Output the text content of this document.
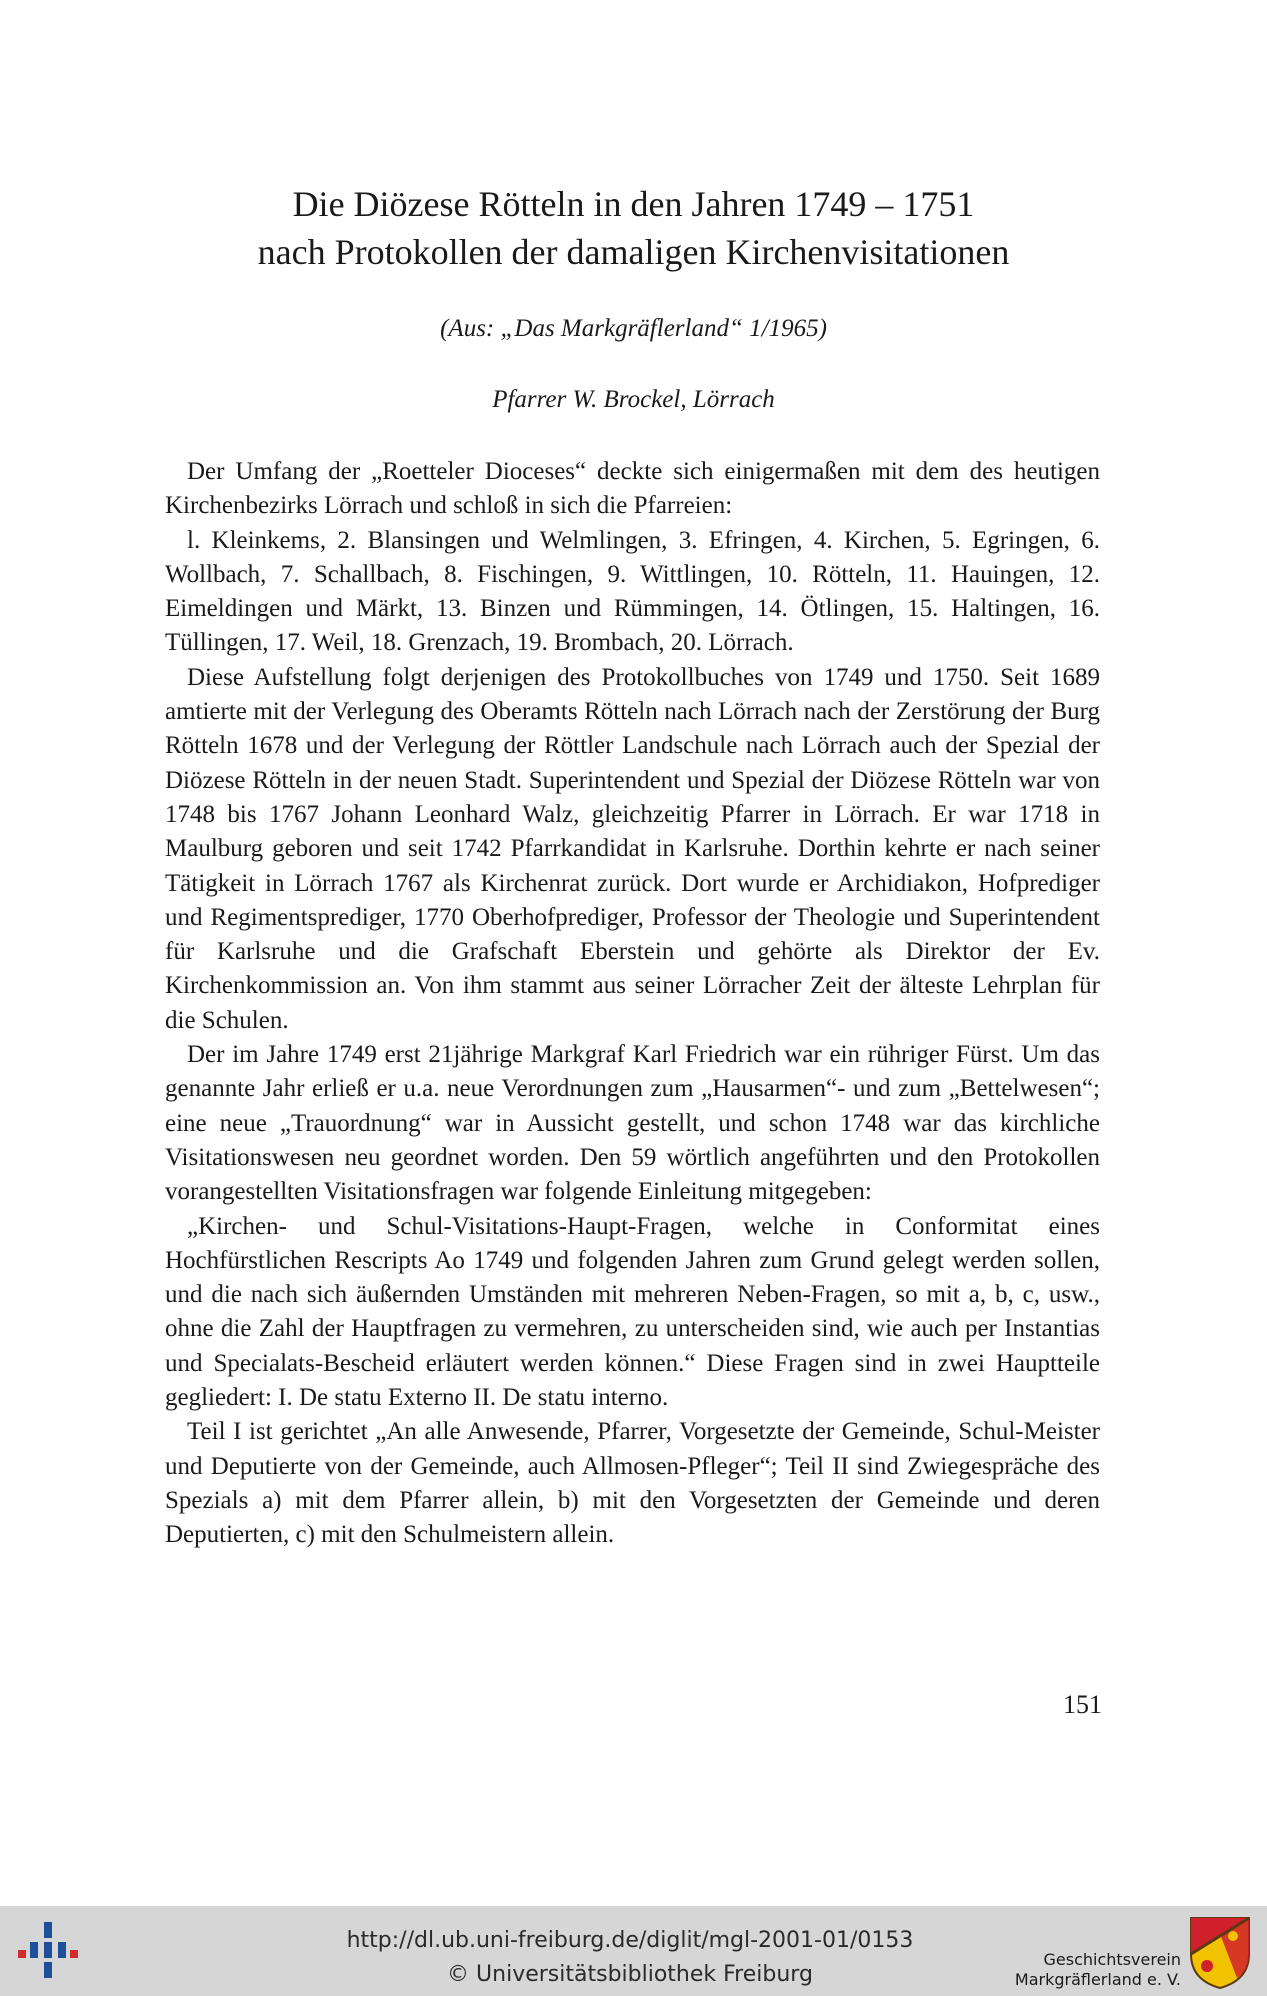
Die Diözese Rötteln in den Jahren 1749 – 1751
nach Protokollen der damaligen Kirchenvisitationen
(Aus: „Das Markgräflerland“ 1/1965)
Pfarrer W. Brockel, Lörrach

Der Umfang der „Roetteler Dioceses“ deckte sich einigermaßen mit dem des heutigen Kirchenbezirks Lörrach und schloß in sich die Pfarreien:

l. Kleinkems, 2. Blansingen und Welmlingen, 3. Efringen, 4. Kirchen, 5. Egringen, 6. Wollbach, 7. Schallbach, 8. Fischingen, 9. Wittlingen, 10. Rötteln, 11. Hauingen, 12. Eimeldingen und Märkt, 13. Binzen und Rümmingen, 14. Ötlingen, 15. Haltingen, 16. Tüllingen, 17. Weil, 18. Grenzach, 19. Brombach, 20. Lörrach.

Diese Aufstellung folgt derjenigen des Protokollbuches von 1749 und 1750. Seit 1689 amtierte mit der Verlegung des Oberamts Rötteln nach Lörrach nach der Zerstörung der Burg Rötteln 1678 und der Verlegung der Röttler Landschule nach Lörrach auch der Spezial der Diözese Rötteln in der neuen Stadt. Superintendent und Spezial der Diözese Rötteln war von 1748 bis 1767 Johann Leonhard Walz, gleichzeitig Pfarrer in Lörrach. Er war 1718 in Maulburg geboren und seit 1742 Pfarrkandidat in Karlsruhe. Dorthin kehrte er nach seiner Tätigkeit in Lörrach 1767 als Kirchenrat zurück. Dort wurde er Archidiakon, Hofprediger und Regimentsprediger, 1770 Oberhofprediger, Professor der Theologie und Superintendent für Karlsruhe und die Grafschaft Eberstein und gehörte als Direktor der Ev. Kirchenkommission an. Von ihm stammt aus seiner Lörracher Zeit der älteste Lehrplan für die Schulen.

Der im Jahre 1749 erst 21jährige Markgraf Karl Friedrich war ein rühriger Fürst. Um das genannte Jahr erließ er u.a. neue Verordnungen zum „Hausarmen“- und zum „Bettelwesen“; eine neue „Trauordnung“ war in Aussicht gestellt, und schon 1748 war das kirchliche Visitationswesen neu geordnet worden. Den 59 wörtlich angeführten und den Protokollen vorangestellten Visitationsfragen war folgende Einleitung mitgegeben:

„Kirchen- und Schul-Visitations-Haupt-Fragen, welche in Conformitat eines Hochfürstlichen Rescripts Ao 1749 und folgenden Jahren zum Grund gelegt werden sollen, und die nach sich äußernden Umständen mit mehreren Neben-Fragen, so mit a, b, c, usw., ohne die Zahl der Hauptfragen zu vermehren, zu unterscheiden sind, wie auch per Instantias und Specialats-Bescheid erläutert werden können.“ Diese Fragen sind in zwei Hauptteile gegliedert: I. De statu Externo II. De statu interno.

Teil I ist gerichtet „An alle Anwesende, Pfarrer, Vorgesetzte der Gemeinde, Schul-Meister und Deputierte von der Gemeinde, auch Allmosen-Pfleger“; Teil II sind Zwiegespräche des Spezials a) mit dem Pfarrer allein, b) mit den Vorgesetzten der Gemeinde und deren Deputierten, c) mit den Schulmeistern allein.

151
http://dl.ub.uni-freiburg.de/diglit/mgl-2001-01/0153
© Universitätsbibliothek Freiburg
Geschichtsverein
Markgräflerland e. V.
